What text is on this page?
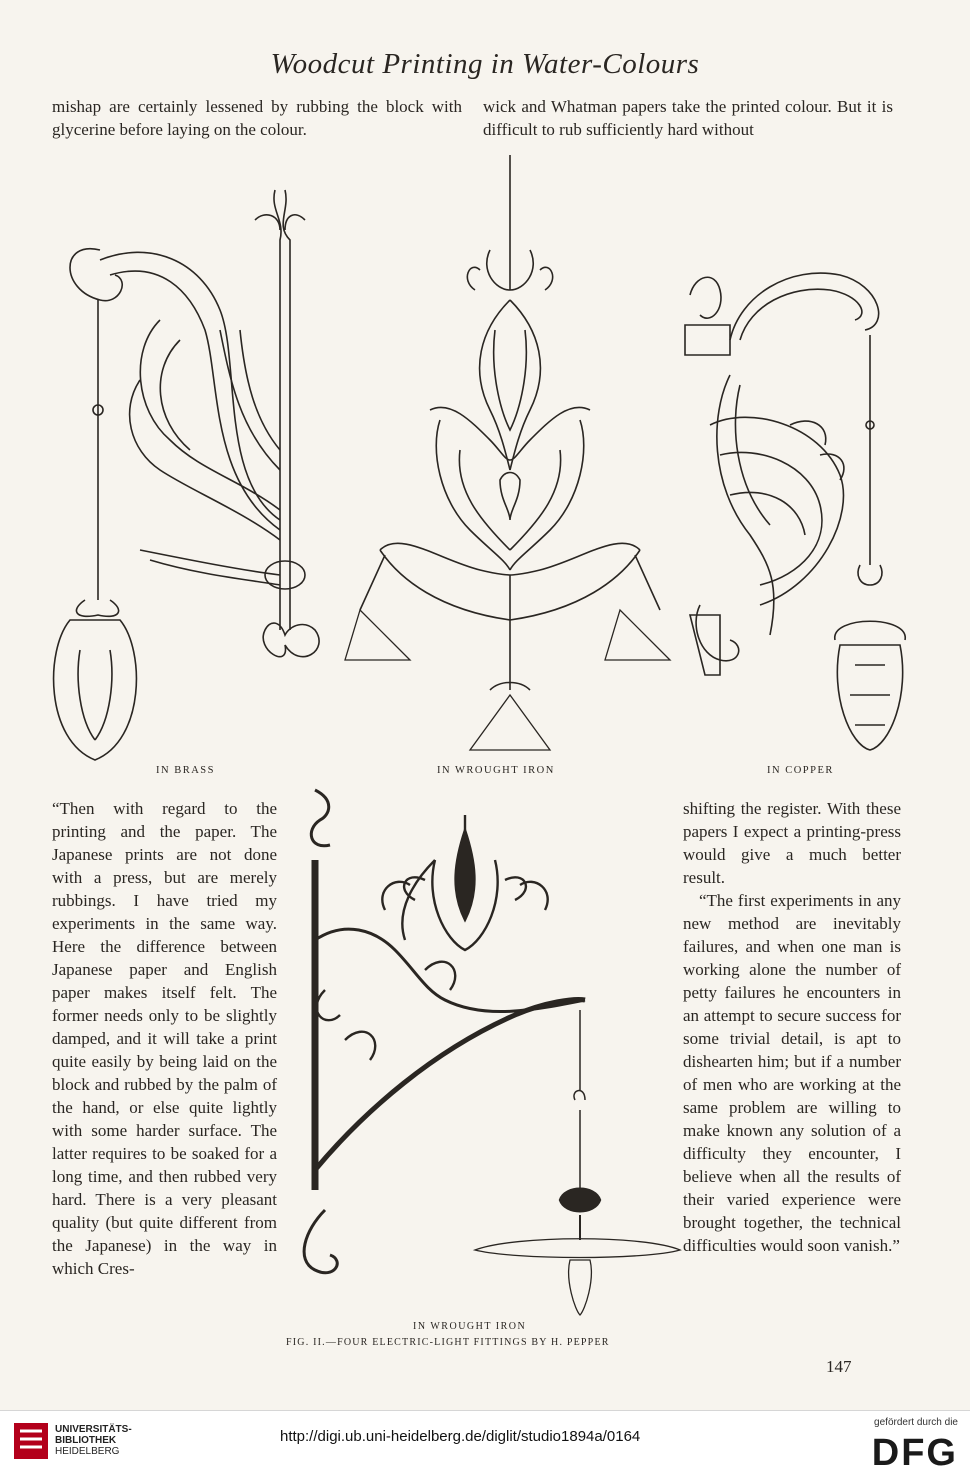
Woodcut Printing in Water-Colours

mishap are certainly lessened by rubbing the block with glycerine before laying on the colour.

wick and Whatman papers take the printed colour. But it is difficult to rub sufficiently hard without

IN BRASS	IN WROUGHT IRON	IN COPPER

“Then with regard to the printing and the paper. The Japanese prints are not done with a press, but are merely rubbings. I have tried my experiments in the same way. Here the difference between Japanese paper and English paper makes itself felt. The former needs only to be slightly damped, and it will take a print quite easily by being laid on the block and rubbed by the palm of the hand, or else quite lightly with some harder surface. The latter requires to be soaked for a long time, and then rubbed very hard. There is a very pleasant quality (but quite different from the Japanese) in the way in which Cres-

IN WROUGHT IRON
FIG. II.—FOUR ELECTRIC-LIGHT FITTINGS BY H. PEPPER

shifting the register. With these papers I expect a printing-press would give a much better result.

“The first experiments in any new method are inevitably failures, and when one man is working alone the number of petty failures he encounters in an attempt to secure success for some trivial detail, is apt to dishearten him; but if a number of men who are working at the same problem are willing to make known any solution of a difficulty they encounter, I believe when all the results of their varied experience were brought together, the technical difficulties would soon vanish.”

147
UNIVERSITÄTS-
BIBLIOTHEK
HEIDELBERG
http://digi.ub.uni-heidelberg.de/diglit/studio1894a/0164
gefördert durch die
DFG
